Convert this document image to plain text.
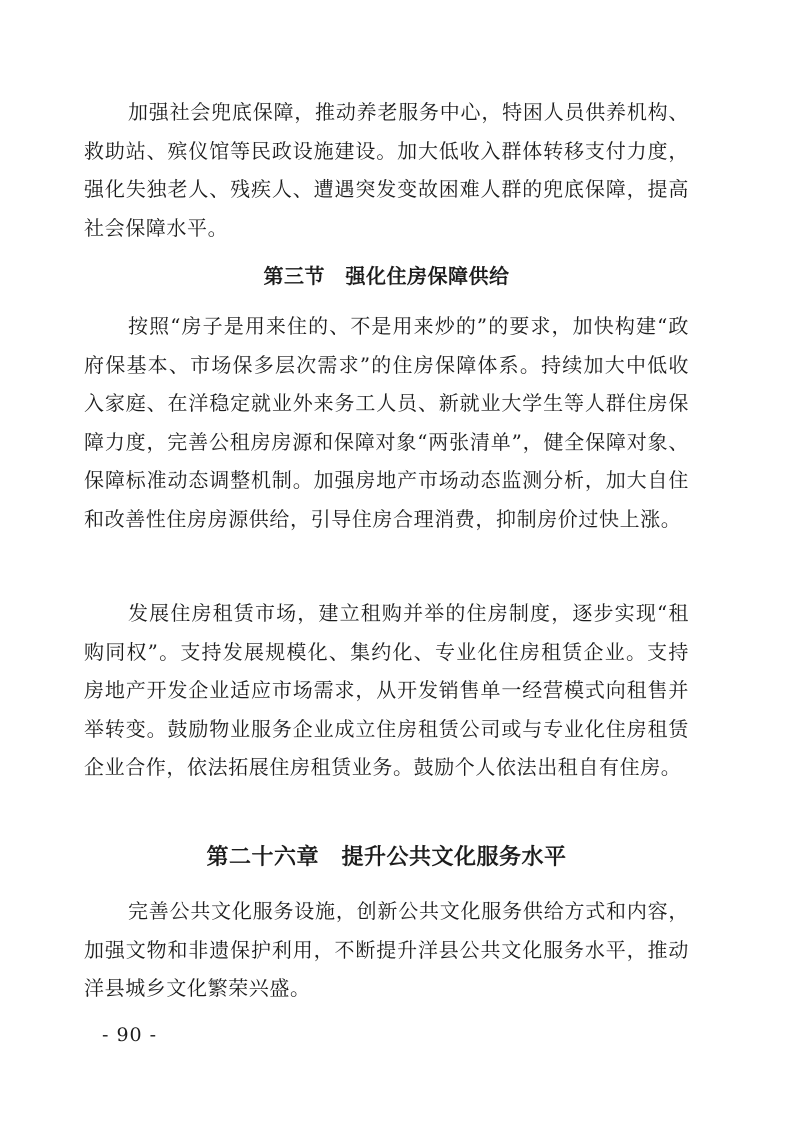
加强社会兜底保障，推动养老服务中心，特困人员供养机构、救助站、殡仪馆等民政设施建设。加大低收入群体转移支付力度，强化失独老人、残疾人、遭遇突发变故困难人群的兜底保障，提高社会保障水平。

第三节　强化住房保障供给

按照“房子是用来住的、不是用来炒的”的要求，加快构建“政府保基本、市场保多层次需求”的住房保障体系。持续加大中低收入家庭、在洋稳定就业外来务工人员、新就业大学生等人群住房保障力度，完善公租房房源和保障对象“两张清单”，健全保障对象、保障标准动态调整机制。加强房地产市场动态监测分析，加大自住和改善性住房房源供给，引导住房合理消费，抑制房价过快上涨。

发展住房租赁市场，建立租购并举的住房制度，逐步实现“租购同权”。支持发展规模化、集约化、专业化住房租赁企业。支持房地产开发企业适应市场需求，从开发销售单一经营模式向租售并举转变。鼓励物业服务企业成立住房租赁公司或与专业化住房租赁企业合作，依法拓展住房租赁业务。鼓励个人依法出租自有住房。

第二十六章　提升公共文化服务水平

完善公共文化服务设施，创新公共文化服务供给方式和内容，加强文物和非遗保护利用，不断提升洋县公共文化服务水平，推动洋县城乡文化繁荣兴盛。

- 90 -
